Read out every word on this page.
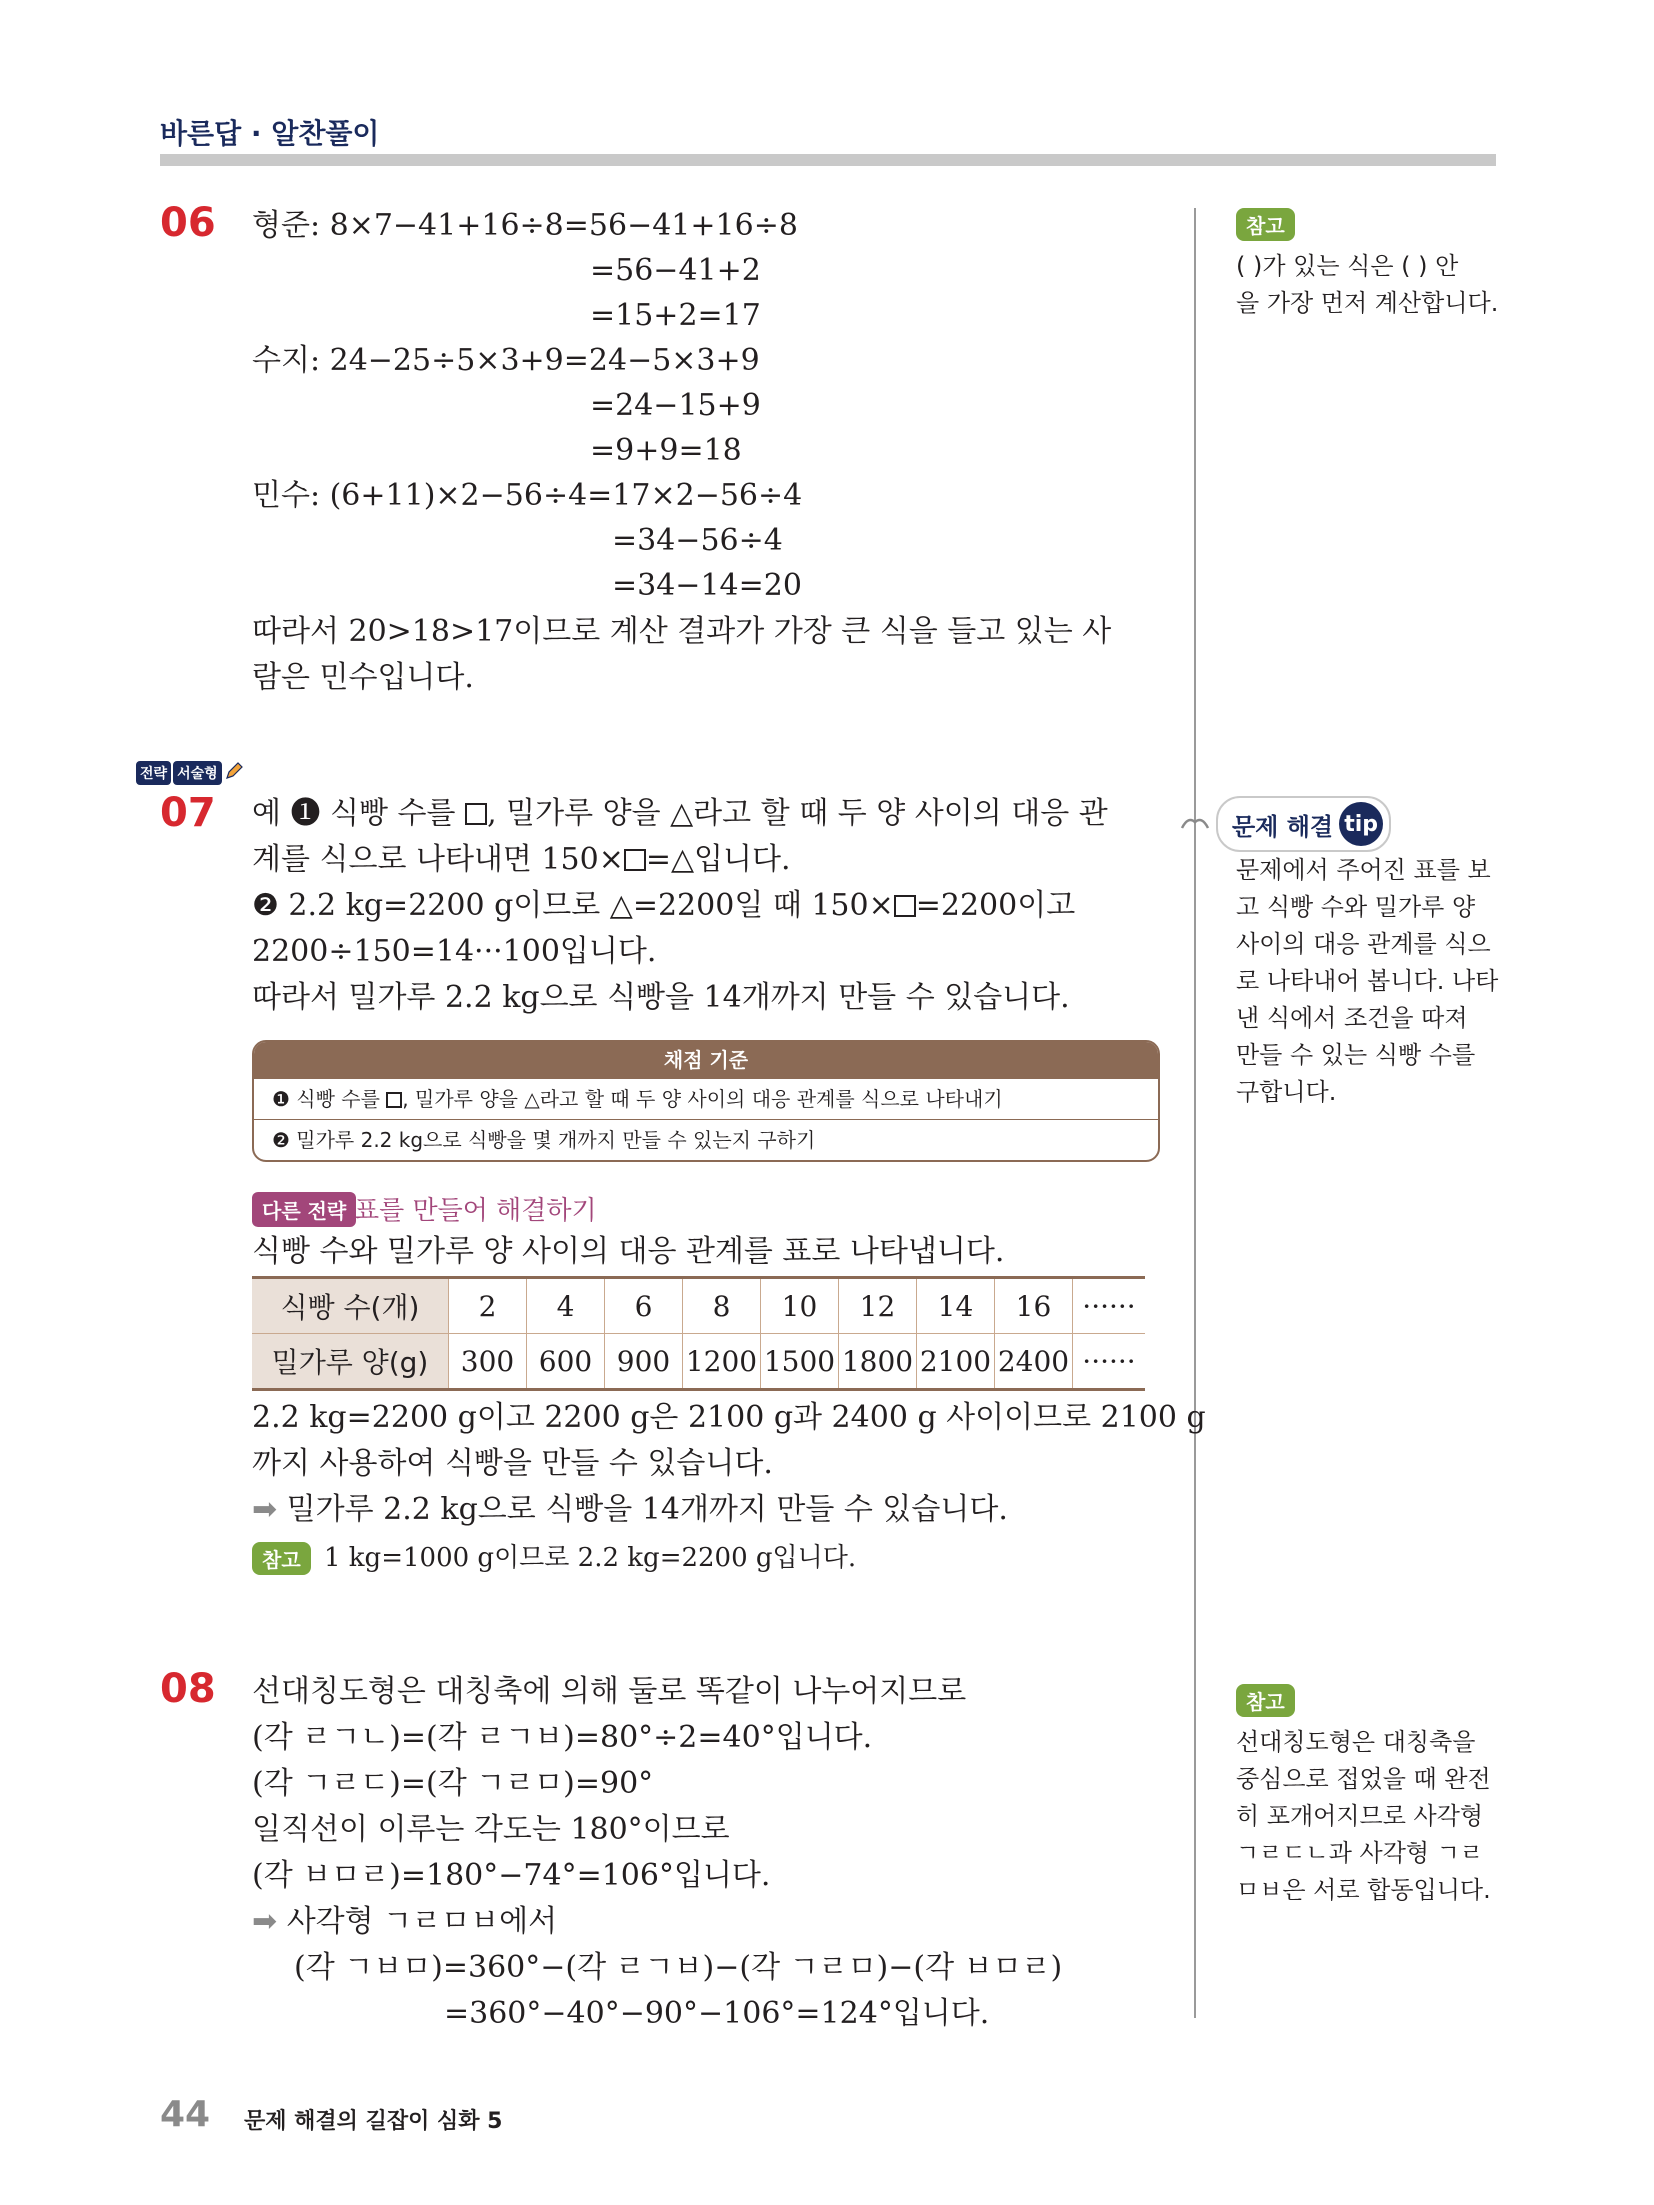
바른답 · 알찬풀이
06 형준: 8×7−41+16÷8=56−41+16÷8
=56−41+2
=15+2=17
수지: 24−25÷5×3+9=24−5×3+9
=24−15+9
=9+9=18
민수: (6+11)×2−56÷4=17×2−56÷4
=34−56÷4
=34−14=20
따라서 20>18>17이므로 계산 결과가 가장 큰 식을 들고 있는 사
람은 민수입니다.
참고
( )가 있는 식은 ( ) 안
을 가장 먼저 계산합니다.
전략 서술형
07 예 ❶ 식빵 수를 , 밀가루 양을 △라고 할 때 두 양 사이의 대응 관
계를 식으로 나타내면 150× =△입니다.
❷ 2.2 kg=2200 g이므로 △=2200일 때 150× =2200이고
2200÷150=14···100입니다.
따라서 밀가루 2.2 kg으로 식빵을 14개까지 만들 수 있습니다.
채점 기준
❶ 식빵 수를 , 밀가루 양을 △라고 할 때 두 양 사이의 대응 관계를 식으로 나타내기
❷ 밀가루 2.2 kg으로 식빵을 몇 개까지 만들 수 있는지 구하기
다른 전략 표를 만들어 해결하기
식빵 수와 밀가루 양 사이의 대응 관계를 표로 나타냅니다.
식빵 수(개)	2	4	6	8	10	12	14	16	······
밀가루 양(g)	300	600	900	1200	1500	1800	2100	2400	······
2.2 kg=2200 g이고 2200 g은 2100 g과 2400 g 사이이므로 2100 g
까지 사용하여 식빵을 만들 수 있습니다.
➡ 밀가루 2.2 kg으로 식빵을 14개까지 만들 수 있습니다.
참고 1 kg=1000 g이므로 2.2 kg=2200 g입니다.
문제 해결 tip
문제에서 주어진 표를 보
고 식빵 수와 밀가루 양
사이의 대응 관계를 식으
로 나타내어 봅니다. 나타
낸 식에서 조건을 따져
만들 수 있는 식빵 수를
구합니다.
08 선대칭도형은 대칭축에 의해 둘로 똑같이 나누어지므로
(각 ㄹㄱㄴ)=(각 ㄹㄱㅂ)=80°÷2=40°입니다.
(각 ㄱㄹㄷ)=(각 ㄱㄹㅁ)=90°
일직선이 이루는 각도는 180°이므로
(각 ㅂㅁㄹ)=180°−74°=106°입니다.
➡ 사각형 ㄱㄹㅁㅂ에서
(각 ㄱㅂㅁ)=360°−(각 ㄹㄱㅂ)−(각 ㄱㄹㅁ)−(각 ㅂㅁㄹ)
=360°−40°−90°−106°=124°입니다.
참고
선대칭도형은 대칭축을
중심으로 접었을 때 완전
히 포개어지므로 사각형
ㄱㄹㄷㄴ과 사각형 ㄱㄹ
ㅁㅂ은 서로 합동입니다.
44 문제 해결의 길잡이 심화 5
